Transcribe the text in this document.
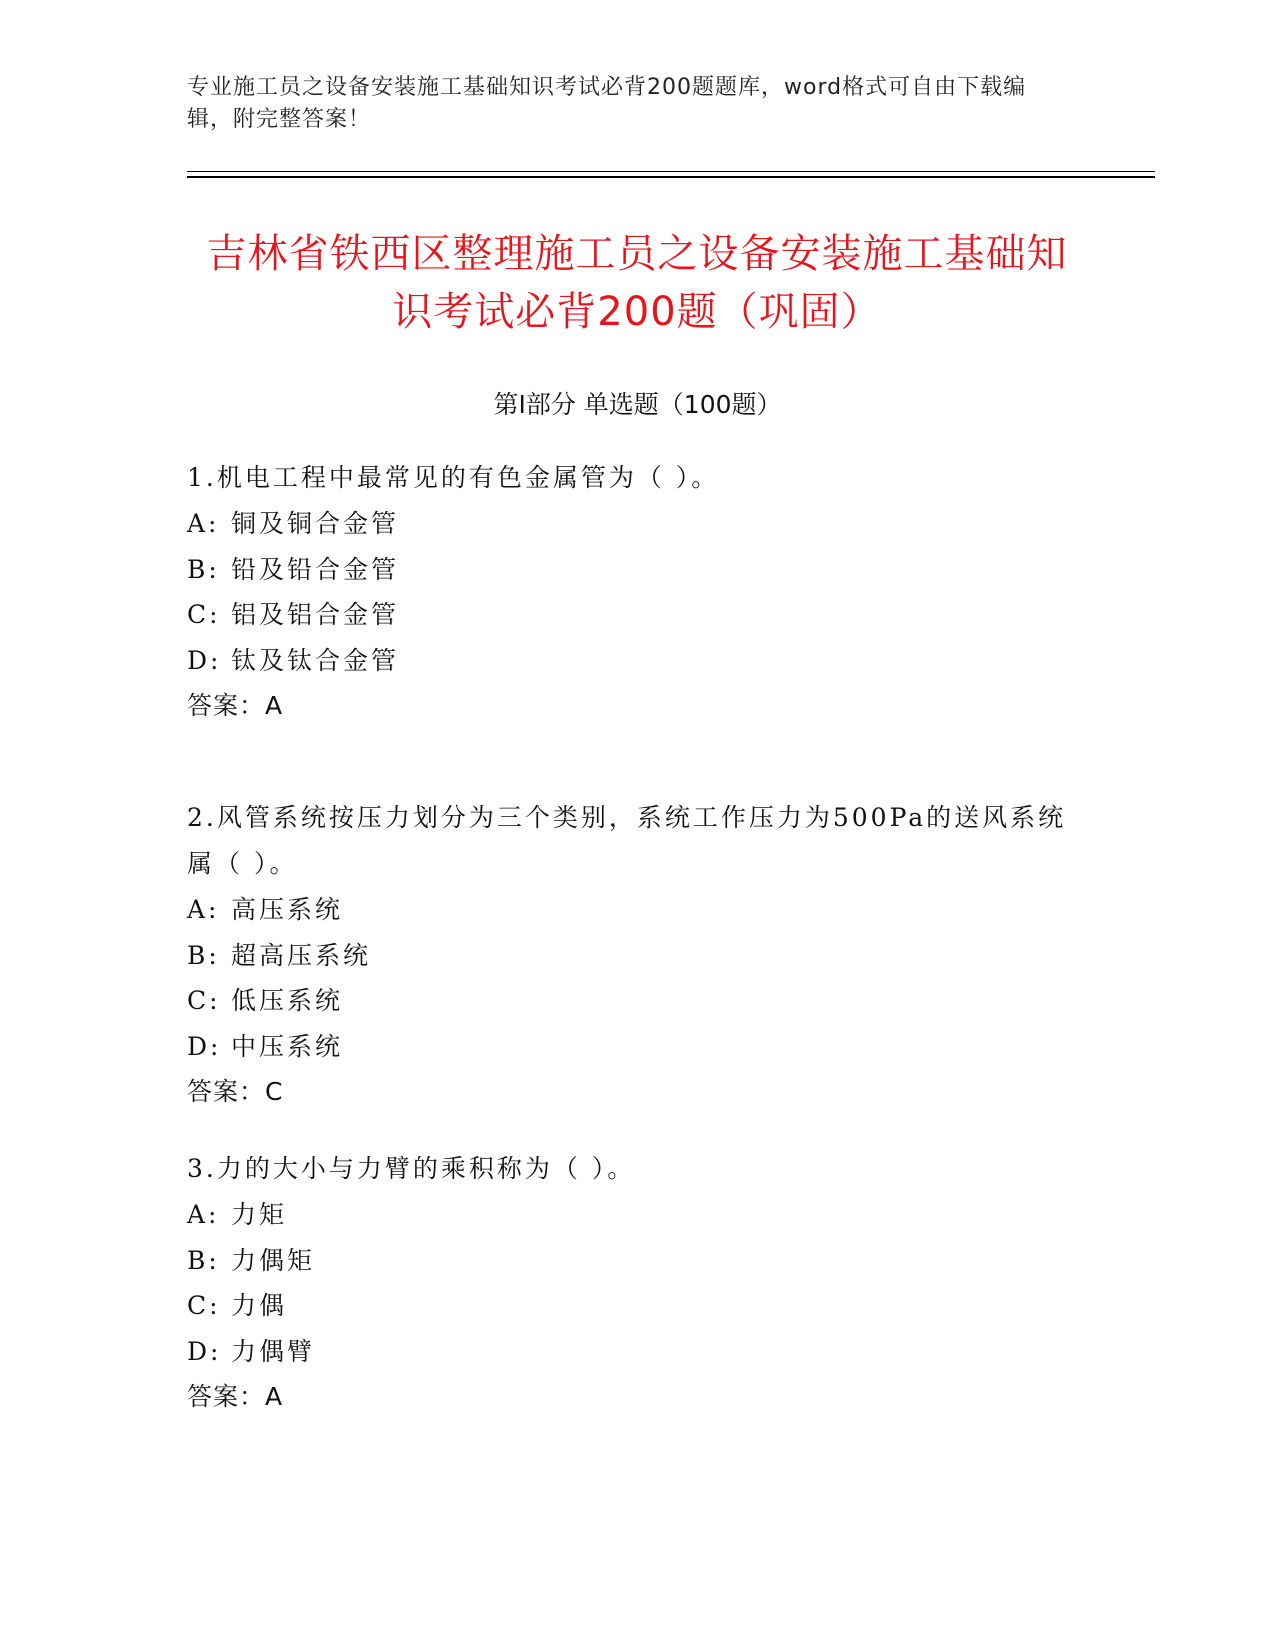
专业施工员之设备安装施工基础知识考试必背200题题库，word格式可自由下载编辑，附完整答案！
吉林省铁西区整理施工员之设备安装施工基础知识考试必背200题（巩固）
第I部分 单选题（100题）
1.机电工程中最常见的有色金属管为（ ）。
A: 铜及铜合金管
B: 铅及铅合金管
C: 铝及铝合金管
D: 钛及钛合金管
答案：A
2.风管系统按压力划分为三个类别，系统工作压力为500Pa的送风系统属（ ）。
A: 高压系统
B: 超高压系统
C: 低压系统
D: 中压系统
答案：C
3.力的大小与力臂的乘积称为（ ）。
A: 力矩
B: 力偶矩
C: 力偶
D: 力偶臂
答案：A
